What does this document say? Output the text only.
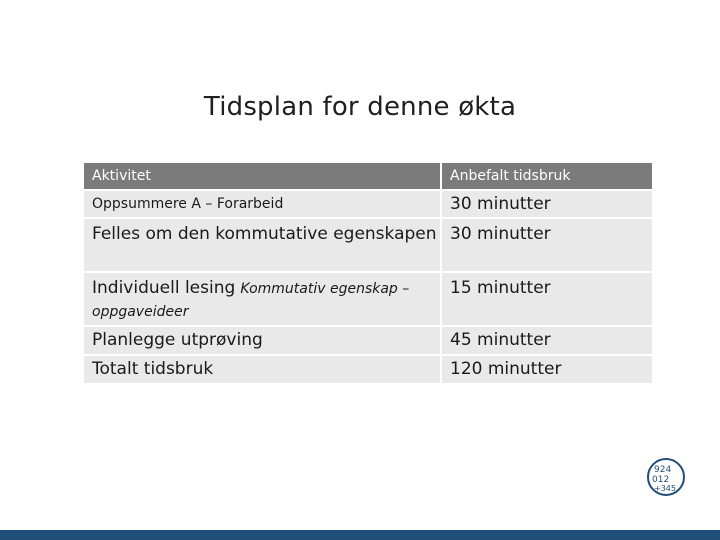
Tidsplan for denne økta
Aktivitet	Anbefalt tidsbruk
Oppsummere A – Forarbeid	30 minutter
Felles om den kommutative egenskapen	30 minutter
Individuell lesing Kommutativ egenskap – oppgaveideer	15 minutter
Planlegge utprøving	45 minutter
Totalt tidsbruk	120 minutter
924
012
+345
